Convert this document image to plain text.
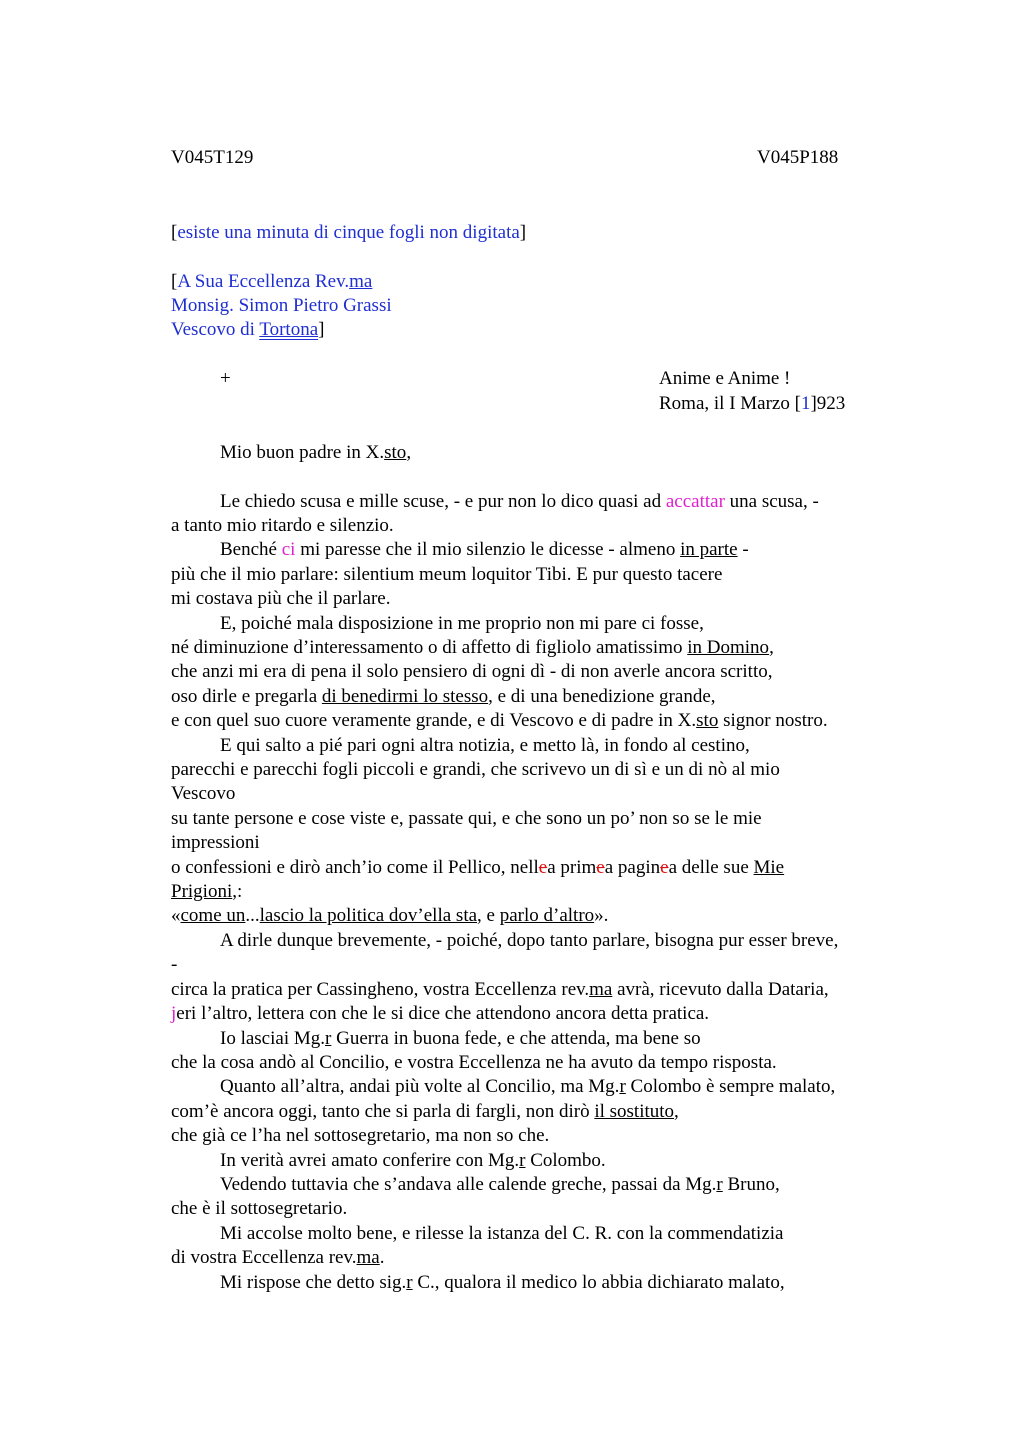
V045T129	V045P188
[esiste una minuta di cinque fogli non digitata]
[A Sua Eccellenza Rev.ma
Monsig. Simon Pietro Grassi
Vescovo di Tortona]
+	Anime e Anime !
Roma, il I Marzo [1]923
Mio buon padre in X.sto,
Le chiedo scusa e mille scuse, - e pur non lo dico quasi ad accattar una scusa, -
a tanto mio ritardo e silenzio.
Benché ci mi paresse che il mio silenzio le dicesse - almeno in parte -
più che il mio parlare: silentium meum loquitor Tibi. E pur questo tacere
mi costava più che il parlare.
E, poiché mala disposizione in me proprio non mi pare ci fosse,
né diminuzione d’interessamento o di affetto di figliolo amatissimo in Domino,
che anzi mi era di pena il solo pensiero di ogni dì - di non averle ancora scritto,
oso dirle e pregarla di benedirmi lo stesso, e di una benedizione grande,
e con quel suo cuore veramente grande, e di Vescovo e di padre in X.sto signor nostro.
E qui salto a pié pari ogni altra notizia, e metto là, in fondo al cestino,
parecchi e parecchi fogli piccoli e grandi, che scrivevo un di sì e un di nò al mio
Vescovo
su tante persone e cose viste e, passate qui, e che sono un po’ non so se le mie
impressioni
o confessioni e dirò anch’io come il Pellico, nellea primea paginea delle sue Mie
Prigioni,:
«come un...lascio la politica dov’ella sta, e parlo d’altro».
A dirle dunque brevemente, - poiché, dopo tanto parlare, bisogna pur esser breve,
-
circa la pratica per Cassingheno, vostra Eccellenza rev.ma avrà, ricevuto dalla Dataria,
jeri l’altro, lettera con che le si dice che attendono ancora detta pratica.
Io lasciai Mg.r Guerra in buona fede, e che attenda, ma bene so
che la cosa andò al Concilio, e vostra Eccellenza ne ha avuto da tempo risposta.
Quanto all’altra, andai più volte al Concilio, ma Mg.r Colombo è sempre malato,
com’è ancora oggi, tanto che si parla di fargli, non dirò il sostituto,
che già ce l’ha nel sottosegretario, ma non so che.
In verità avrei amato conferire con Mg.r Colombo.
Vedendo tuttavia che s’andava alle calende greche, passai da Mg.r Bruno,
che è il sottosegretario.
Mi accolse molto bene, e rilesse la istanza del C. R. con la commendatizia
di vostra Eccellenza rev.ma.
Mi rispose che detto sig.r C., qualora il medico lo abbia dichiarato malato,
